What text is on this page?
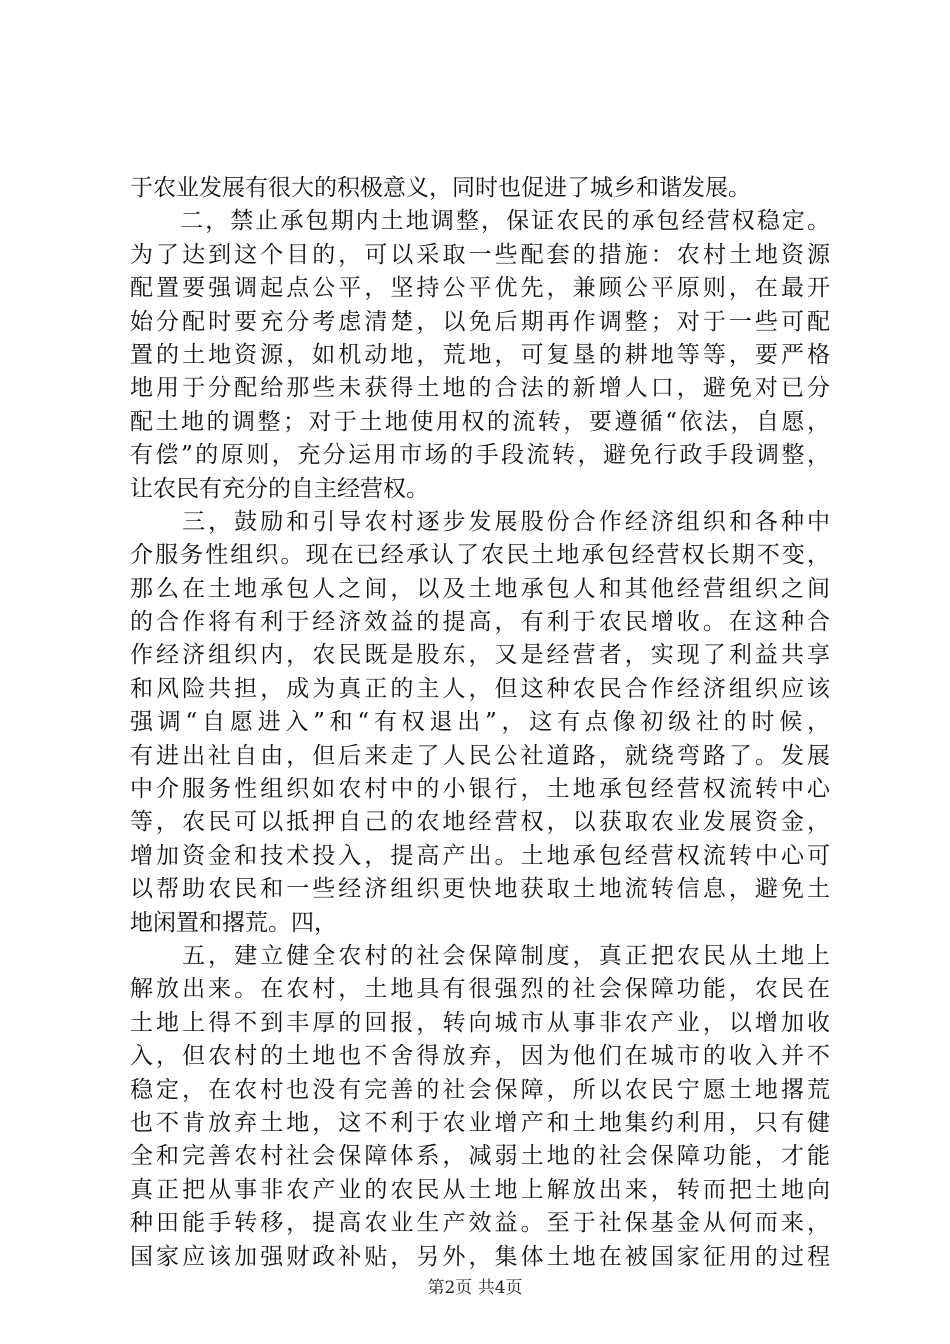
于农业发展有很大的积极意义，同时也促进了城乡和谐发展。
　　二，禁止承包期内土地调整，保证农民的承包经营权稳定。
为了达到这个目的，可以采取一些配套的措施：农村土地资源
配置要强调起点公平，坚持公平优先，兼顾公平原则，在最开
始分配时要充分考虑清楚，以免后期再作调整；对于一些可配
置的土地资源，如机动地，荒地，可复垦的耕地等等，要严格
地用于分配给那些未获得土地的合法的新增人口，避免对已分
配土地的调整；对于土地使用权的流转，要遵循“依法，自愿，
有偿”的原则，充分运用市场的手段流转，避免行政手段调整，
让农民有充分的自主经营权。
　　三，鼓励和引导农村逐步发展股份合作经济组织和各种中
介服务性组织。现在已经承认了农民土地承包经营权长期不变，
那么在土地承包人之间，以及土地承包人和其他经营组织之间
的合作将有利于经济效益的提高，有利于农民增收。在这种合
作经济组织内，农民既是股东，又是经营者，实现了利益共享
和风险共担，成为真正的主人，但这种农民合作经济组织应该
强调“自愿进入”和“有权退出”，这有点像初级社的时候，
有进出社自由，但后来走了人民公社道路，就绕弯路了。发展
中介服务性组织如农村中的小银行，土地承包经营权流转中心
等，农民可以抵押自己的农地经营权，以获取农业发展资金，
增加资金和技术投入，提高产出。土地承包经营权流转中心可
以帮助农民和一些经济组织更快地获取土地流转信息，避免土
地闲置和撂荒。四，
　　五，建立健全农村的社会保障制度，真正把农民从土地上
解放出来。在农村，土地具有很强烈的社会保障功能，农民在
土地上得不到丰厚的回报，转向城市从事非农产业，以增加收
入，但农村的土地也不舍得放弃，因为他们在城市的收入并不
稳定，在农村也没有完善的社会保障，所以农民宁愿土地撂荒
也不肯放弃土地，这不利于农业增产和土地集约利用，只有健
全和完善农村社会保障体系，减弱土地的社会保障功能，才能
真正把从事非农产业的农民从土地上解放出来，转而把土地向
种田能手转移，提高农业生产效益。至于社保基金从何而来，
国家应该加强财政补贴，另外，集体土地在被国家征用的过程
第2页 共4页
